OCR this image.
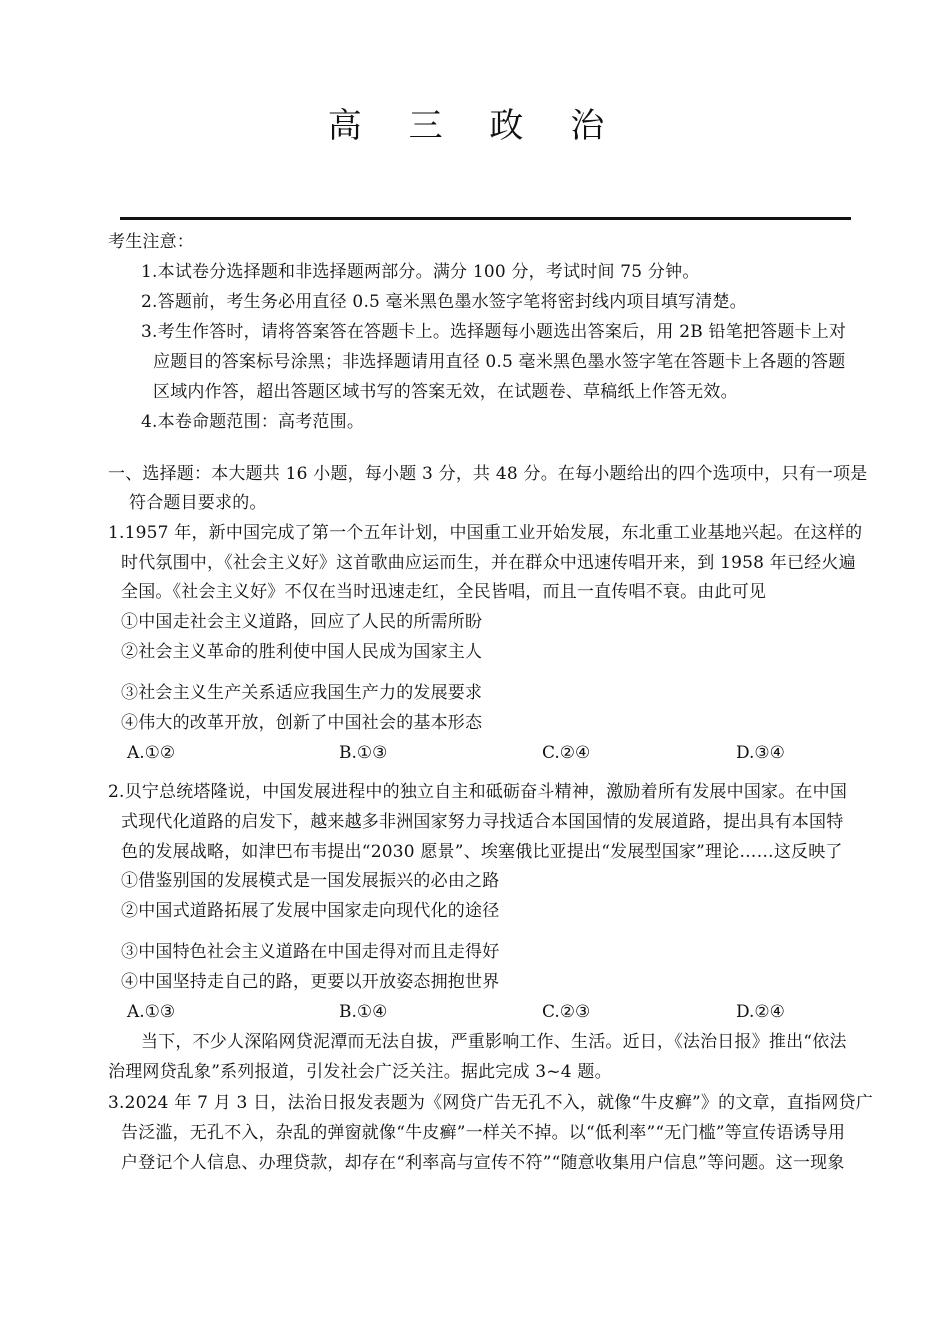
高 三 政 治
考生注意：
1.本试卷分选择题和非选择题两部分。满分 100 分，考试时间 75 分钟。
2.答题前，考生务必用直径 0.5 毫米黑色墨水签字笔将密封线内项目填写清楚。
3.考生作答时，请将答案答在答题卡上。选择题每小题选出答案后，用 2B 铅笔把答题卡上对
应题目的答案标号涂黑；非选择题请用直径 0.5 毫米黑色墨水签字笔在答题卡上各题的答题
区域内作答，超出答题区域书写的答案无效，在试题卷、草稿纸上作答无效。
4.本卷命题范围：高考范围。
一、选择题：本大题共 16 小题，每小题 3 分，共 48 分。在每小题给出的四个选项中，只有一项是
符合题目要求的。
1.1957 年，新中国完成了第一个五年计划，中国重工业开始发展，东北重工业基地兴起。在这样的
时代氛围中，《社会主义好》这首歌曲应运而生，并在群众中迅速传唱开来，到 1958 年已经火遍
全国。《社会主义好》不仅在当时迅速走红，全民皆唱，而且一直传唱不衰。由此可见
①中国走社会主义道路，回应了人民的所需所盼
②社会主义革命的胜利使中国人民成为国家主人
③社会主义生产关系适应我国生产力的发展要求
④伟大的改革开放，创新了中国社会的基本形态
A.①②	B.①③	C.②④	D.③④
2.贝宁总统塔隆说，中国发展进程中的独立自主和砥砺奋斗精神，激励着所有发展中国家。在中国
式现代化道路的启发下，越来越多非洲国家努力寻找适合本国国情的发展道路，提出具有本国特
色的发展战略，如津巴布韦提出“2030 愿景”、埃塞俄比亚提出“发展型国家”理论……这反映了
①借鉴别国的发展模式是一国发展振兴的必由之路
②中国式道路拓展了发展中国家走向现代化的途径
③中国特色社会主义道路在中国走得对而且走得好
④中国坚持走自己的路，更要以开放姿态拥抱世界
A.①③	B.①④	C.②③	D.②④
当下，不少人深陷网贷泥潭而无法自拔，严重影响工作、生活。近日，《法治日报》推出“依法
治理网贷乱象”系列报道，引发社会广泛关注。据此完成 3~4 题。
3.2024 年 7 月 3 日，法治日报发表题为《网贷广告无孔不入，就像“牛皮癣”》的文章，直指网贷广
告泛滥，无孔不入，杂乱的弹窗就像“牛皮癣”一样关不掉。以“低利率”“无门槛”等宣传语诱导用
户登记个人信息、办理贷款，却存在“利率高与宣传不符”“随意收集用户信息”等问题。这一现象
